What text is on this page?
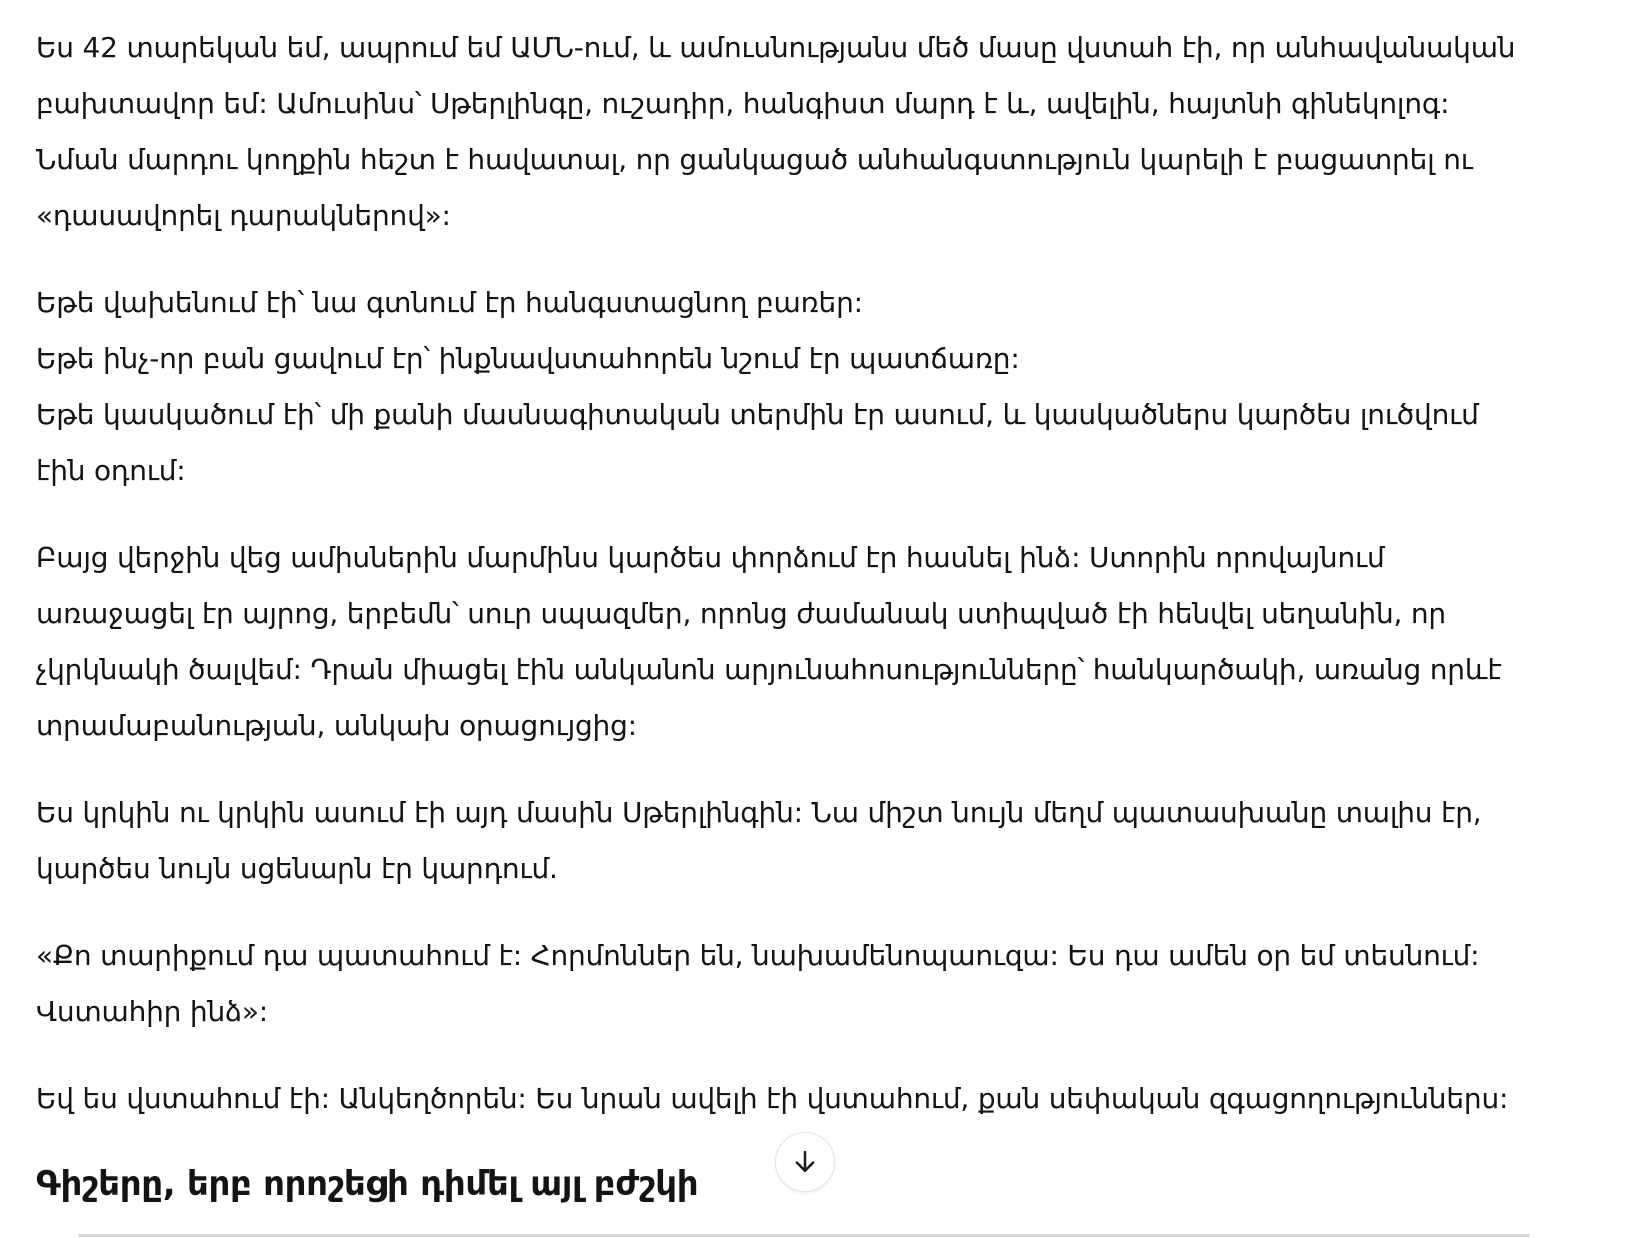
Ես 42 տարեկան եմ, ապրում եմ ԱՄՆ-ում, և ամուսնությանս մեծ մասը վստահ էի, որ անհավանական
բախտավոր եմ: Ամուսինս՝ Սթերլինգը, ուշադիր, հանգիստ մարդ է և, ավելին, հայտնի գինեկոլոգ:
Նման մարդու կողքին հեշտ է հավատալ, որ ցանկացած անհանգստություն կարելի է բացատրել ու
«դասավորել դարակներով»:

Եթե վախենում էի՝ նա գտնում էր հանգստացնող բառեր:
Եթե ինչ-որ բան ցավում էր՝ ինքնավստահորեն նշում էր պատճառը:
Եթե կասկածում էի՝ մի քանի մասնագիտական տերմին էր ասում, և կասկածներս կարծես լուծվում
էին օդում:

Բայց վերջին վեց ամիսներին մարմինս կարծես փորձում էր հասնել ինձ: Ստորին որովայնում
առաջացել էր այրոց, երբեմն՝ սուր սպազմեր, որոնց ժամանակ ստիպված էի հենվել սեղանին, որ
չկրկնակի ծալվեմ: Դրան միացել էին անկանոն արյունահոսությունները՝ հանկարծակի, առանց որևէ
տրամաբանության, անկախ օրացույցից:

Ես կրկին ու կրկին ասում էի այդ մասին Սթերլինգին: Նա միշտ նույն մեղմ պատասխանը տալիս էր,
կարծես նույն սցենարն էր կարդում.

«Քո տարիքում դա պատահում է: Հորմոններ են, նախամենոպաուզա: Ես դա ամեն օր եմ տեսնում:
Վստահիր ինձ»:

Եվ ես վստահում էի: Անկեղծորեն: Ես նրան ավելի էի վստահում, քան սեփական զգացողություններս:

Գիշերը, երբ որոշեցի դիմել այլ բժշկի
